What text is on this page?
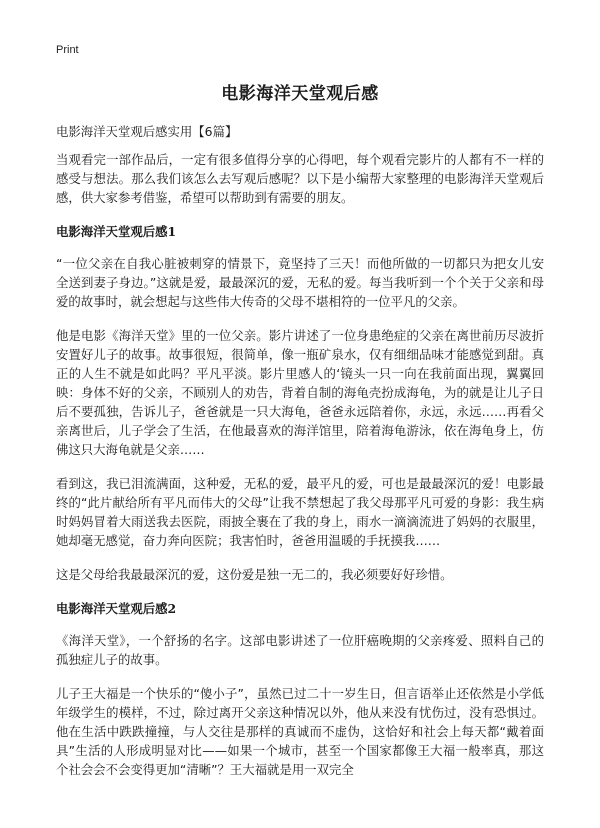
Print
电影海洋天堂观后感
电影海洋天堂观后感实用【6篇】

当观看完一部作品后，一定有很多值得分享的心得吧，每个观看完影片的人都有不一样的感受与想法。那么我们该怎么去写观后感呢？以下是小编帮大家整理的电影海洋天堂观后感，供大家参考借鉴，希望可以帮助到有需要的朋友。

电影海洋天堂观后感1

“一位父亲在自我心脏被刺穿的情景下，竟坚持了三天！而他所做的一切都只为把女儿安全送到妻子身边。”这就是爱，最最深沉的爱，无私的爱。每当我听到一个个关于父亲和母爱的故事时，就会想起与这些伟大传奇的父母不堪相符的一位平凡的父亲。

他是电影《海洋天堂》里的一位父亲。影片讲述了一位身患绝症的父亲在离世前历尽波折安置好儿子的故事。故事很短，很简单，像一瓶矿泉水，仅有细细品味才能感觉到甜。真正的人生不就是如此吗？平凡平淡。影片里感人的‘镜头一只一向在我前面出现，翼翼回映：身体不好的父亲，不顾别人的劝告，背着自制的海龟壳扮成海龟，为的就是让儿子日后不要孤独，告诉儿子，爸爸就是一只大海龟，爸爸永远陪着你，永远，永远……再看父亲离世后，儿子学会了生活，在他最喜欢的海洋馆里，陪着海龟游泳，依在海龟身上，仿佛这只大海龟就是父亲……

看到这，我已泪流满面，这种爱，无私的爱，最平凡的爱，可也是最最深沉的爱！电影最终的“此片献给所有平凡而伟大的父母”让我不禁想起了我父母那平凡可爱的身影：我生病时妈妈冒着大雨送我去医院，雨披全裹在了我的身上，雨水一滴滴流进了妈妈的衣服里，她却毫无感觉，奋力奔向医院；我害怕时，爸爸用温暖的手抚摸我……

这是父母给我最最深沉的爱，这份爱是独一无二的，我必须要好好珍惜。

电影海洋天堂观后感2

《海洋天堂》，一个舒扬的名字。这部电影讲述了一位肝癌晚期的父亲疼爱、照料自己的孤独症儿子的故事。

儿子王大福是一个快乐的“傻小子”，虽然已过二十一岁生日，但言语举止还依然是小学低年级学生的模样，不过，除过离开父亲这种情况以外，他从来没有忧伤过，没有恐惧过。他在生活中跌跌撞撞，与人交往是那样的真诚而不虚伪，这恰好和社会上每天都“戴着面具”生活的人形成明显对比——如果一个城市，甚至一个国家都像王大福一般率真，那这个社会会不会变得更加“清晰”？王大福就是用一双完全
